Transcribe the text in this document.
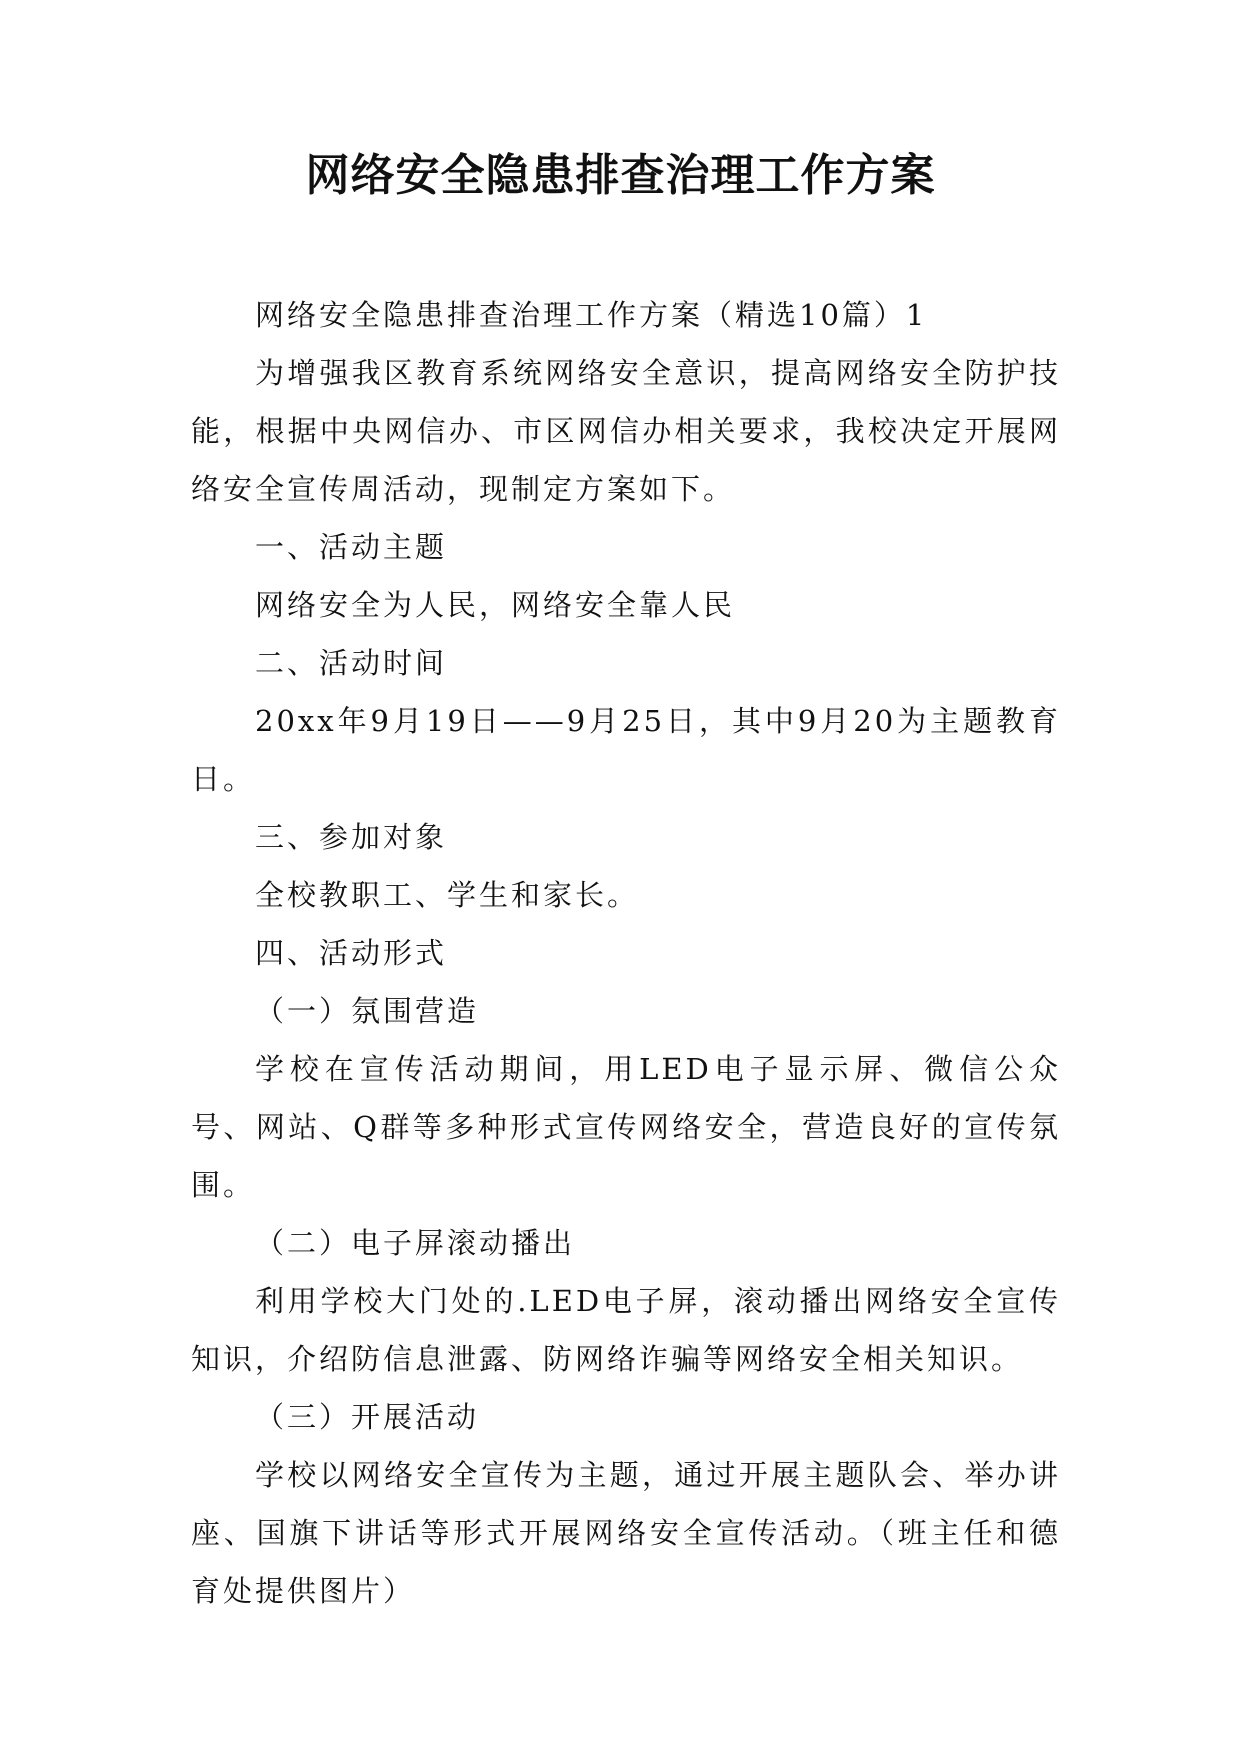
网络安全隐患排查治理工作方案

网络安全隐患排查治理工作方案（精选10篇）1

为增强我区教育系统网络安全意识，提高网络安全防护技能，根据中央网信办、市区网信办相关要求，我校决定开展网络安全宣传周活动，现制定方案如下。

一、活动主题

网络安全为人民，网络安全靠人民

二、活动时间

20xx年9月19日——9月25日，其中9月20为主题教育日。

三、参加对象

全校教职工、学生和家长。

四、活动形式

（一）氛围营造

学校在宣传活动期间，用LED电子显示屏、微信公众号、网站、Q群等多种形式宣传网络安全，营造良好的宣传氛围。

（二）电子屏滚动播出

利用学校大门处的.LED电子屏，滚动播出网络安全宣传知识，介绍防信息泄露、防网络诈骗等网络安全相关知识。

（三）开展活动

学校以网络安全宣传为主题，通过开展主题队会、举办讲座、国旗下讲话等形式开展网络安全宣传活动。（班主任和德育处提供图片）
